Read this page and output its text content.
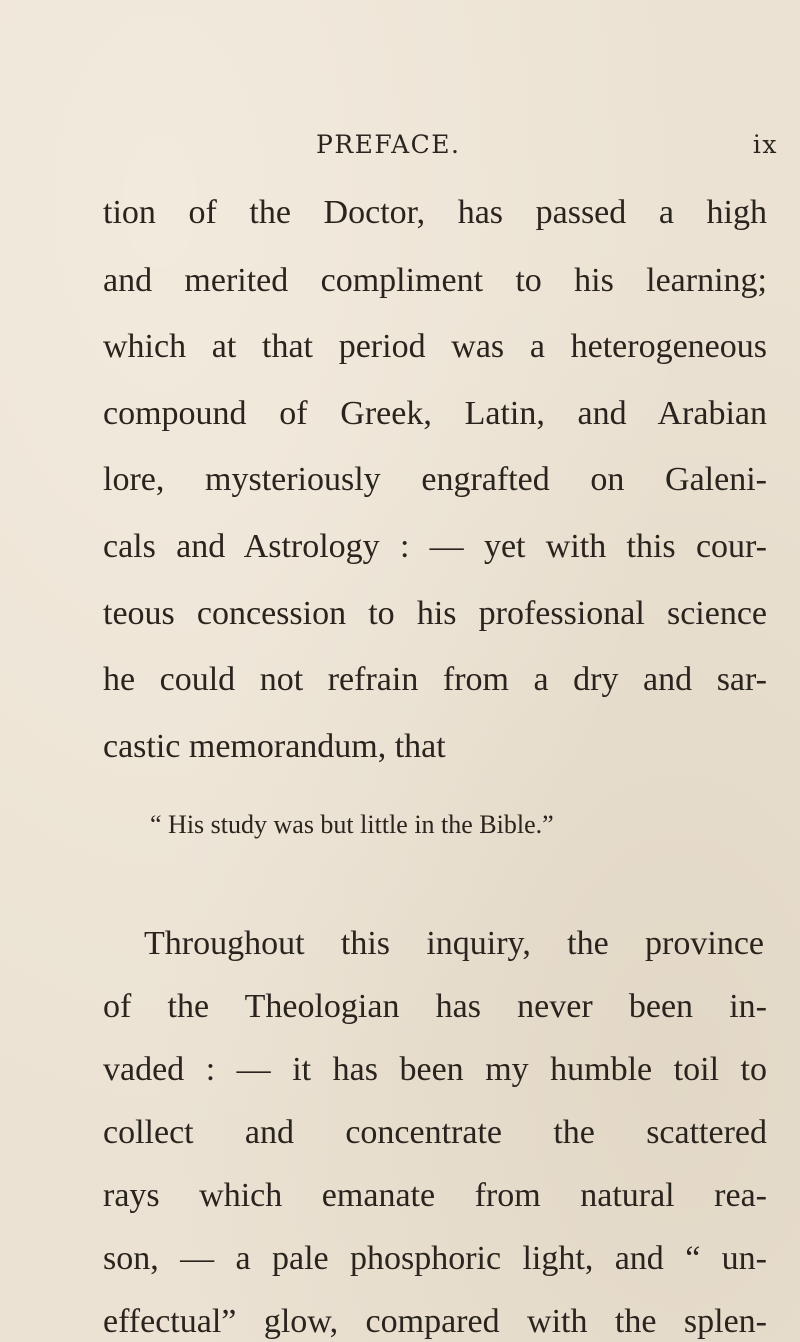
PREFACE.	ix
tion of the Doctor, has passed a high
and merited compliment to his learning;
which at that period was a heterogeneous
compound of Greek, Latin, and Arabian
lore, mysteriously engrafted on Galeni-
cals and Astrology : — yet with this cour-
teous concession to his professional science
he could not refrain from a dry and sar-
castic memorandum, that
“ His study was but little in the Bible.”
Throughout this inquiry, the province
of the Theologian has never been in-
vaded : — it has been my humble toil to
collect and concentrate the scattered
rays which emanate from natural rea-
son, — a pale phosphoric light, and “ un-
effectual” glow, compared with the splen-
